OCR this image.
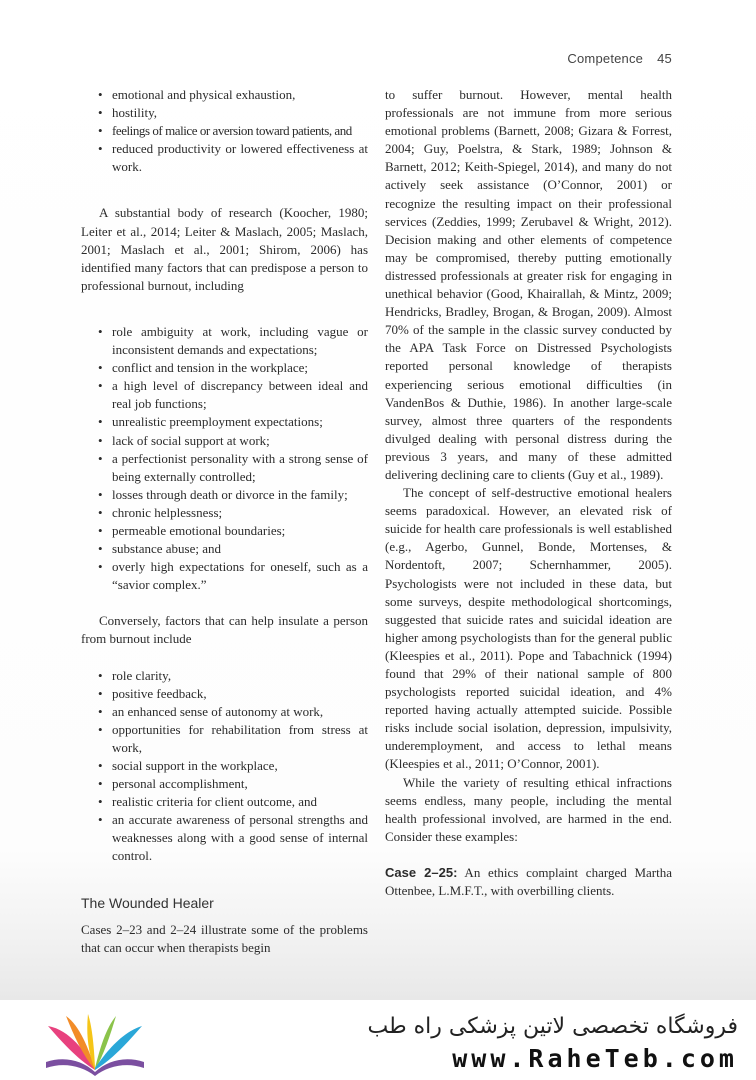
Competence 45
• emotional and physical exhaustion,
• hostility,
• feelings of malice or aversion toward patients, and
• reduced productivity or lowered effectiveness at work.

A substantial body of research (Koocher, 1980; Leiter et al., 2014; Leiter & Maslach, 2005; Maslach, 2001; Maslach et al., 2001; Shirom, 2006) has identified many factors that can predispose a person to professional burnout, including

• role ambiguity at work, including vague or inconsistent demands and expectations;
• conflict and tension in the workplace;
• a high level of discrepancy between ideal and real job functions;
• unrealistic preemployment expectations;
• lack of social support at work;
• a perfectionist personality with a strong sense of being externally controlled;
• losses through death or divorce in the family;
• chronic helplessness;
• permeable emotional boundaries;
• substance abuse; and
• overly high expectations for oneself, such as a “savior complex.”

Conversely, factors that can help insulate a person from burnout include

• role clarity,
• positive feedback,
• an enhanced sense of autonomy at work,
• opportunities for rehabilitation from stress at work,
• social support in the workplace,
• personal accomplishment,
• realistic criteria for client outcome, and
• an accurate awareness of personal strengths and weaknesses along with a good sense of internal control.
The Wounded Healer

Cases 2–23 and 2–24 illustrate some of the problems that can occur when therapists begin

to suffer burnout. However, mental health professionals are not immune from more serious emotional problems (Barnett, 2008; Gizara & Forrest, 2004; Guy, Poelstra, & Stark, 1989; Johnson & Barnett, 2012; Keith-Spiegel, 2014), and many do not actively seek assistance (O’Connor, 2001) or recognize the resulting impact on their professional services (Zeddies, 1999; Zerubavel & Wright, 2012). Decision making and other elements of competence may be compromised, thereby putting emotionally distressed professionals at greater risk for engaging in unethical behavior (Good, Khairallah, & Mintz, 2009; Hendricks, Bradley, Brogan, & Brogan, 2009). Almost 70% of the sample in the classic survey conducted by the APA Task Force on Distressed Psychologists reported personal knowledge of therapists experiencing serious emotional difficulties (in VandenBos & Duthie, 1986). In another large-scale survey, almost three quarters of the respondents divulged dealing with personal distress during the previous 3 years, and many of these admitted delivering declining care to clients (Guy et al., 1989).

The concept of self-destructive emotional healers seems paradoxical. However, an elevated risk of suicide for health care professionals is well established (e.g., Agerbo, Gunnel, Bonde, Mortenses, & Nordentoft, 2007; Schernhammer, 2005). Psychologists were not included in these data, but some surveys, despite methodological shortcomings, suggested that suicide rates and suicidal ideation are higher among psychologists than for the general public (Kleespies et al., 2011). Pope and Tabachnick (1994) found that 29% of their national sample of 800 psychologists reported suicidal ideation, and 4% reported having actually attempted suicide. Possible risks include social isolation, depression, impulsivity, underemployment, and access to lethal means (Kleespies et al., 2011; O’Connor, 2001).

While the variety of resulting ethical infractions seems endless, many people, including the mental health professional involved, are harmed in the end. Consider these examples:

Case 2–25: An ethics complaint charged Martha Ottenbee, L.M.F.T., with overbilling clients.

فروشگاه تخصصی لاتین پزشکی راه طب
www.RaheTeb.com
